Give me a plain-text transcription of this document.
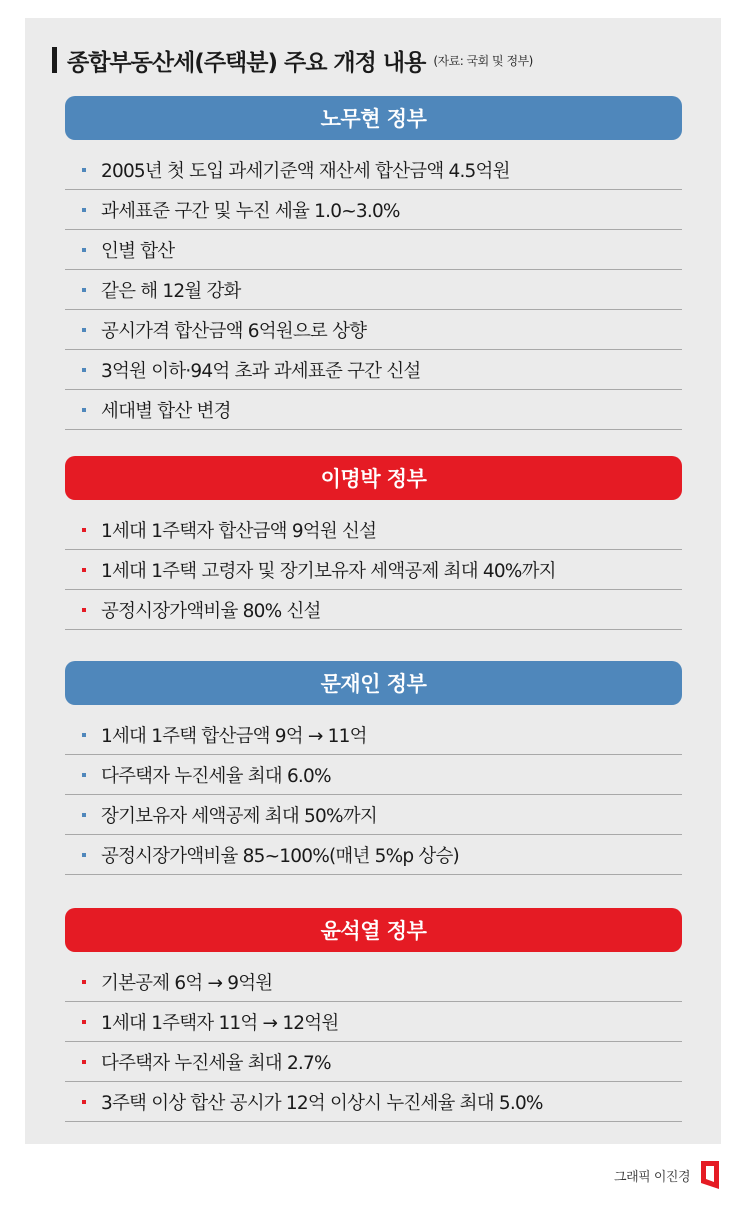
종합부동산세(주택분) 주요 개정 내용 (자료: 국회 및 정부)
노무현 정부
2005년 첫 도입 과세기준액 재산세 합산금액 4.5억원
과세표준 구간 및 누진 세율 1.0~3.0%
인별 합산
같은 해 12월 강화
공시가격 합산금액 6억원으로 상향
3억원 이하·94억 초과 과세표준 구간 신설
세대별 합산 변경
이명박 정부
1세대 1주택자 합산금액 9억원 신설
1세대 1주택 고령자 및 장기보유자 세액공제 최대 40%까지
공정시장가액비율 80% 신설
문재인 정부
1세대 1주택 합산금액 9억 → 11억
다주택자 누진세율 최대 6.0%
장기보유자 세액공제 최대 50%까지
공정시장가액비율 85~100%(매년 5%p 상승)
윤석열 정부
기본공제 6억 → 9억원
1세대 1주택자 11억 → 12억원
다주택자 누진세율 최대 2.7%
3주택 이상 합산 공시가 12억 이상시 누진세율 최대 5.0%
그래픽 이진경
